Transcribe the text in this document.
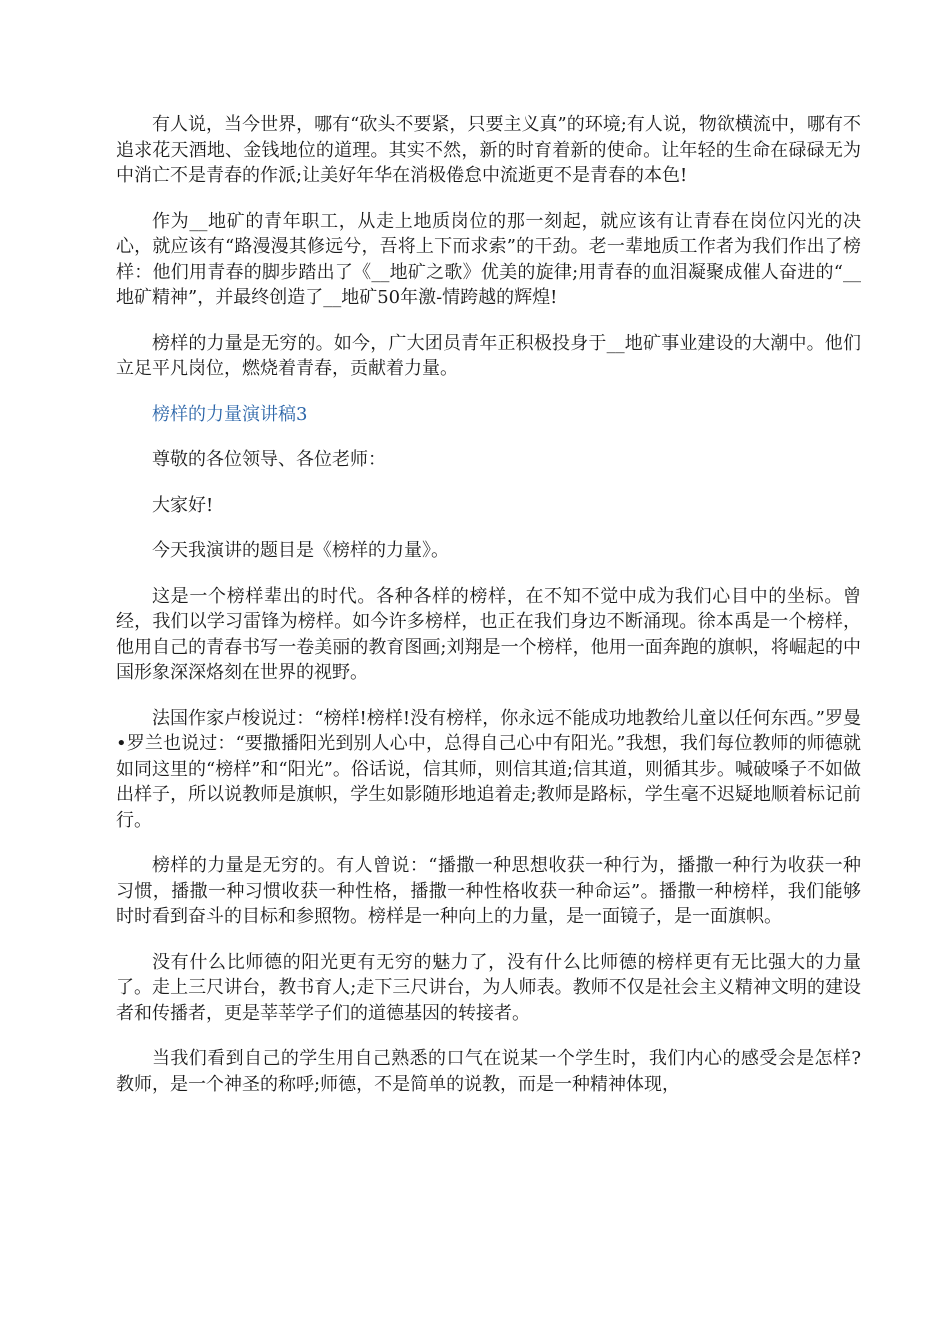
有人说，当今世界，哪有“砍头不要紧，只要主义真”的环境;有人说，物欲横流中，哪有不追求花天酒地、金钱地位的道理。其实不然，新的时育着新的使命。让年轻的生命在碌碌无为中消亡不是青春的作派;让美好年华在消极倦怠中流逝更不是青春的本色!

作为__地矿的青年职工，从走上地质岗位的那一刻起，就应该有让青春在岗位闪光的决心，就应该有“路漫漫其修远兮，吾将上下而求索”的干劲。老一辈地质工作者为我们作出了榜样：他们用青春的脚步踏出了《__地矿之歌》优美的旋律;用青春的血泪凝聚成催人奋进的“__地矿精神”，并最终创造了__地矿50年激-情跨越的辉煌!

榜样的力量是无穷的。如今，广大团员青年正积极投身于__地矿事业建设的大潮中。他们立足平凡岗位，燃烧着青春，贡献着力量。

榜样的力量演讲稿3

尊敬的各位领导、各位老师：

大家好!

今天我演讲的题目是《榜样的力量》。

这是一个榜样辈出的时代。各种各样的榜样，在不知不觉中成为我们心目中的坐标。曾经，我们以学习雷锋为榜样。如今许多榜样，也正在我们身边不断涌现。徐本禹是一个榜样，他用自己的青春书写一卷美丽的教育图画;刘翔是一个榜样，他用一面奔跑的旗帜，将崛起的中国形象深深烙刻在世界的视野。

法国作家卢梭说过：“榜样!榜样!没有榜样，你永远不能成功地教给儿童以任何东西。”罗曼•罗兰也说过：“要撒播阳光到别人心中，总得自己心中有阳光。”我想，我们每位教师的师德就如同这里的“榜样”和“阳光”。俗话说，信其师，则信其道;信其道，则循其步。喊破嗓子不如做出样子，所以说教师是旗帜，学生如影随形地追着走;教师是路标，学生毫不迟疑地顺着标记前行。

榜样的力量是无穷的。有人曾说：“播撒一种思想收获一种行为，播撒一种行为收获一种习惯，播撒一种习惯收获一种性格，播撒一种性格收获一种命运”。播撒一种榜样，我们能够时时看到奋斗的目标和参照物。榜样是一种向上的力量，是一面镜子，是一面旗帜。

没有什么比师德的阳光更有无穷的魅力了，没有什么比师德的榜样更有无比强大的力量了。走上三尺讲台，教书育人;走下三尺讲台，为人师表。教师不仅是社会主义精神文明的建设者和传播者，更是莘莘学子们的道德基因的转接者。

当我们看到自己的学生用自己熟悉的口气在说某一个学生时，我们内心的感受会是怎样?教师，是一个神圣的称呼;师德，不是简单的说教，而是一种精神体现，
